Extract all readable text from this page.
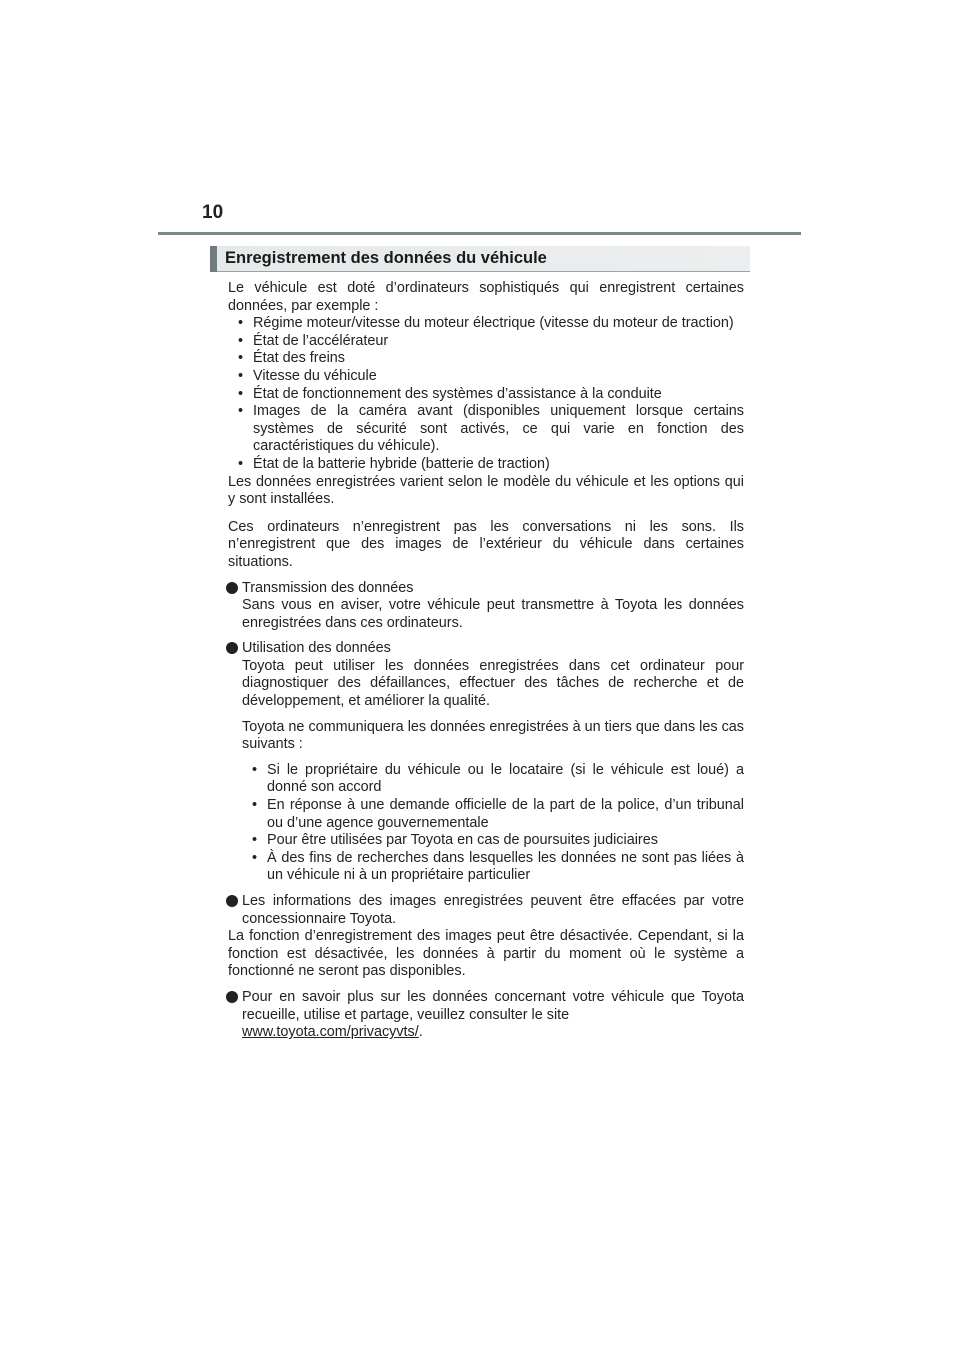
10
Enregistrement des données du véhicule

Le véhicule est doté d’ordinateurs sophistiqués qui enregistrent certaines données, par exemple :

• Régime moteur/vitesse du moteur électrique (vitesse du moteur de traction)
• État de l’accélérateur
• État des freins
• Vitesse du véhicule
• État de fonctionnement des systèmes d’assistance à la conduite
• Images de la caméra avant (disponibles uniquement lorsque certains systèmes de sécurité sont activés, ce qui varie en fonction des caractéristiques du véhicule).
• État de la batterie hybride (batterie de traction)

Les données enregistrées varient selon le modèle du véhicule et les options qui y sont installées.

Ces ordinateurs n’enregistrent pas les conversations ni les sons. Ils n’enregistrent que des images de l’extérieur du véhicule dans certaines situations.

Transmission des données

Sans vous en aviser, votre véhicule peut transmettre à Toyota les données enregistrées dans ces ordinateurs.

Utilisation des données

Toyota peut utiliser les données enregistrées dans cet ordinateur pour diagnostiquer des défaillances, effectuer des tâches de recherche et de développement, et améliorer la qualité.

Toyota ne communiquera les données enregistrées à un tiers que dans les cas suivants :

• Si le propriétaire du véhicule ou le locataire (si le véhicule est loué) a donné son accord
• En réponse à une demande officielle de la part de la police, d’un tribunal ou d’une agence gouvernementale
• Pour être utilisées par Toyota en cas de poursuites judiciaires
• À des fins de recherches dans lesquelles les données ne sont pas liées à un véhicule ni à un propriétaire particulier

Les informations des images enregistrées peuvent être effacées par votre concessionnaire Toyota.

La fonction d’enregistrement des images peut être désactivée. Cependant, si la fonction est désactivée, les données à partir du moment où le système a fonctionné ne seront pas disponibles.

Pour en savoir plus sur les données concernant votre véhicule que Toyota recueille, utilise et partage, veuillez consulter le site

www.toyota.com/privacyvts/.
